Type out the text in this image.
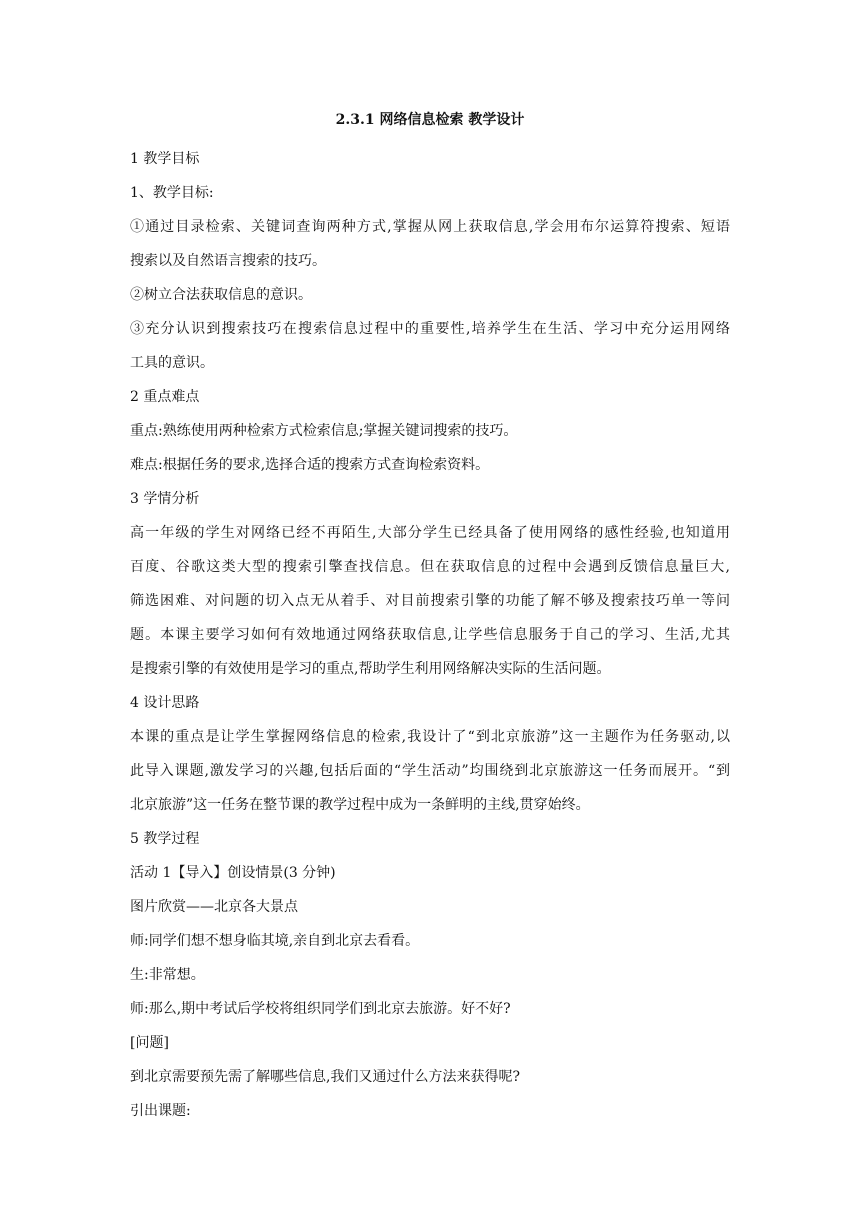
2.3.1 网络信息检索 教学设计
1 教学目标
1、教学目标:
①通过目录检索、关键词查询两种方式,掌握从网上获取信息,学会用布尔运算符搜索、短语
搜索以及自然语言搜索的技巧。
②树立合法获取信息的意识。
③充分认识到搜索技巧在搜索信息过程中的重要性,培养学生在生活、学习中充分运用网络
工具的意识。
2 重点难点
重点:熟练使用两种检索方式检索信息;掌握关键词搜索的技巧。
难点:根据任务的要求,选择合适的搜索方式查询检索资料。
3 学情分析
高一年级的学生对网络已经不再陌生,大部分学生已经具备了使用网络的感性经验,也知道用
百度、谷歌这类大型的搜索引擎查找信息。但在获取信息的过程中会遇到反馈信息量巨大,
筛选困难、对问题的切入点无从着手、对目前搜索引擎的功能了解不够及搜索技巧单一等问
题。本课主要学习如何有效地通过网络获取信息,让学些信息服务于自己的学习、生活,尤其
是搜索引擎的有效使用是学习的重点,帮助学生利用网络解决实际的生活问题。
4 设计思路
本课的重点是让学生掌握网络信息的检索,我设计了“到北京旅游”这一主题作为任务驱动,以
此导入课题,激发学习的兴趣,包括后面的“学生活动”均围绕到北京旅游这一任务而展开。“到
北京旅游”这一任务在整节课的教学过程中成为一条鲜明的主线,贯穿始终。
5 教学过程
活动 1【导入】创设情景(3 分钟)
图片欣赏——北京各大景点
师:同学们想不想身临其境,亲自到北京去看看。
生:非常想。
师:那么,期中考试后学校将组织同学们到北京去旅游。好不好?
[问题]
到北京需要预先需了解哪些信息,我们又通过什么方法来获得呢?
引出课题:
